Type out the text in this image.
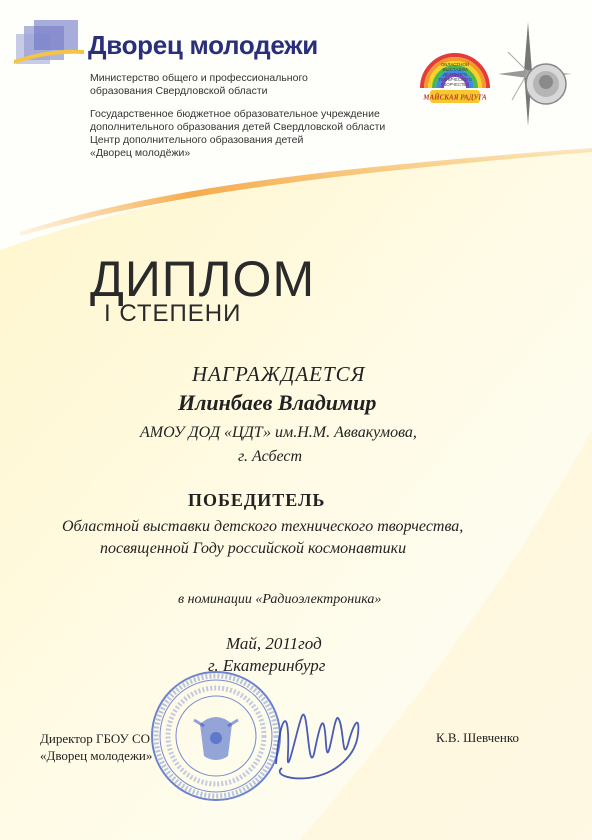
Дворец молодежи
Министерство общего и профессионального
образования Свердловской области
Государственное бюджетное образовательное учреждение
дополнительного образования детей Свердловской области
Центр дополнительного образования детей
«Дворец молодёжи»
ОБЛАСТНОЙ
ВЫСТАВКИ
ДЕТСКОГО
ТЕХНИЧЕСКОГО
ТВОРЧЕСТВА
МАЙСКАЯ РАДУГА
ДИПЛОМ
I СТЕПЕНИ
НАГРАЖДАЕТСЯ
Илинбаев Владимир
АМОУ ДОД «ЦДТ» им.Н.М. Аввакумова,
г. Асбест
ПОБЕДИТЕЛЬ
Областной выставки детского технического творчества,
посвященной Году российской космонавтики
в номинации «Радиоэлектроника»
Май, 2011год
г. Екатеринбург
Директор ГБОУ СО
«Дворец молодежи»
К.В. Шевченко
